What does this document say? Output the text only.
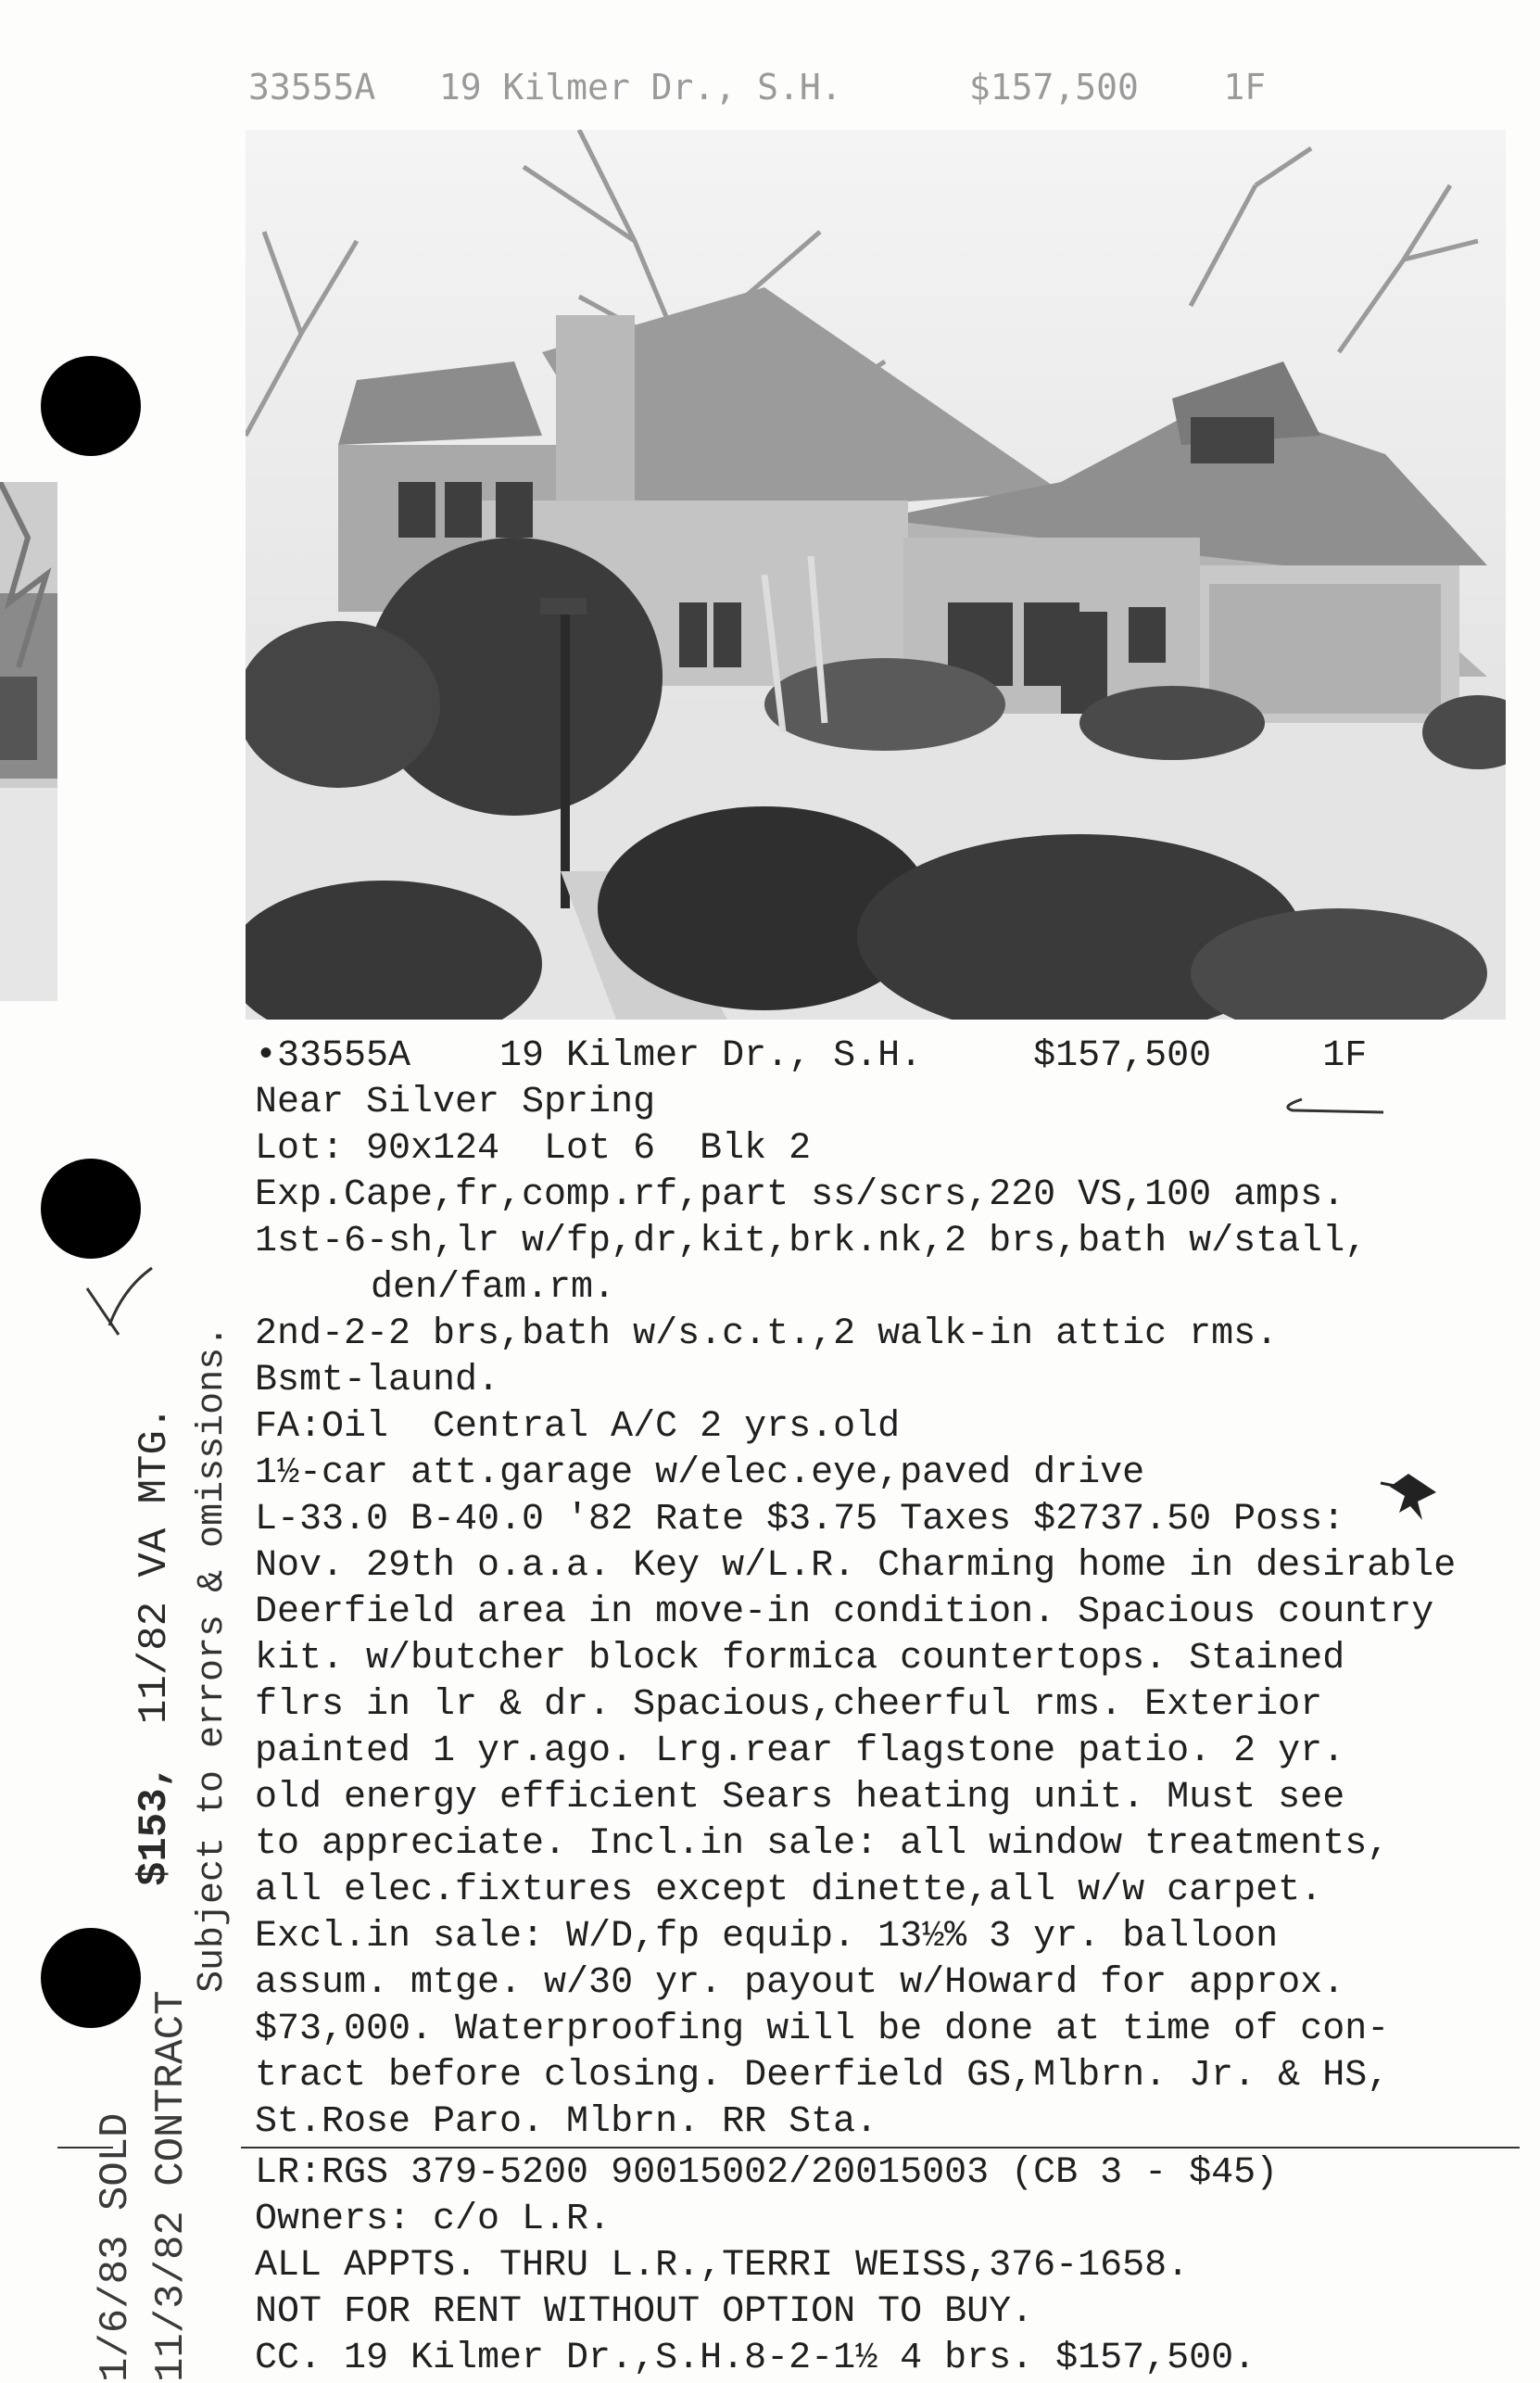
33555A   19 Kilmer Dr., S.H.      $157,500    1F
•33555A    19 Kilmer Dr., S.H.     $157,500     1F
Near Silver Spring
Lot: 90x124  Lot 6  Blk 2
Exp.Cape,fr,comp.rf,part ss/scrs,220 VS,100 amps.
1st-6-sh,lr w/fp,dr,kit,brk.nk,2 brs,bath w/stall,
den/fam.rm.
2nd-2-2 brs,bath w/s.c.t.,2 walk-in attic rms.
Bsmt-laund.
FA:Oil  Central A/C 2 yrs.old
1½-car att.garage w/elec.eye,paved drive
L-33.0 B-40.0 '82 Rate $3.75 Taxes $2737.50 Poss:
Nov. 29th o.a.a. Key w/L.R. Charming home in desirable
Deerfield area in move-in condition. Spacious country
kit. w/butcher block formica countertops. Stained
flrs in lr & dr. Spacious,cheerful rms. Exterior
painted 1 yr.ago. Lrg.rear flagstone patio. 2 yr.
old energy efficient Sears heating unit. Must see
to appreciate. Incl.in sale: all window treatments,
all elec.fixtures except dinette,all w/w carpet.
Excl.in sale: W/D,fp equip. 13½% 3 yr. balloon
assum. mtge. w/30 yr. payout w/Howard for approx.
$73,000. Waterproofing will be done at time of con-
tract before closing. Deerfield GS,Mlbrn. Jr. & HS,
St.Rose Paro. Mlbrn. RR Sta.
LR:RGS 379-5200 90015002/20015003 (CB 3 - $45)
Owners: c/o L.R.
ALL APPTS. THRU L.R.,TERRI WEISS,376-1658.
NOT FOR RENT WITHOUT OPTION TO BUY.
CC. 19 Kilmer Dr.,S.H.8-2-1½ 4 brs. $157,500.
Subject to errors & omissions.
1/6/83 SOLD 11/3/82 CONTRACT
$153,
11/82 VA MTG.
